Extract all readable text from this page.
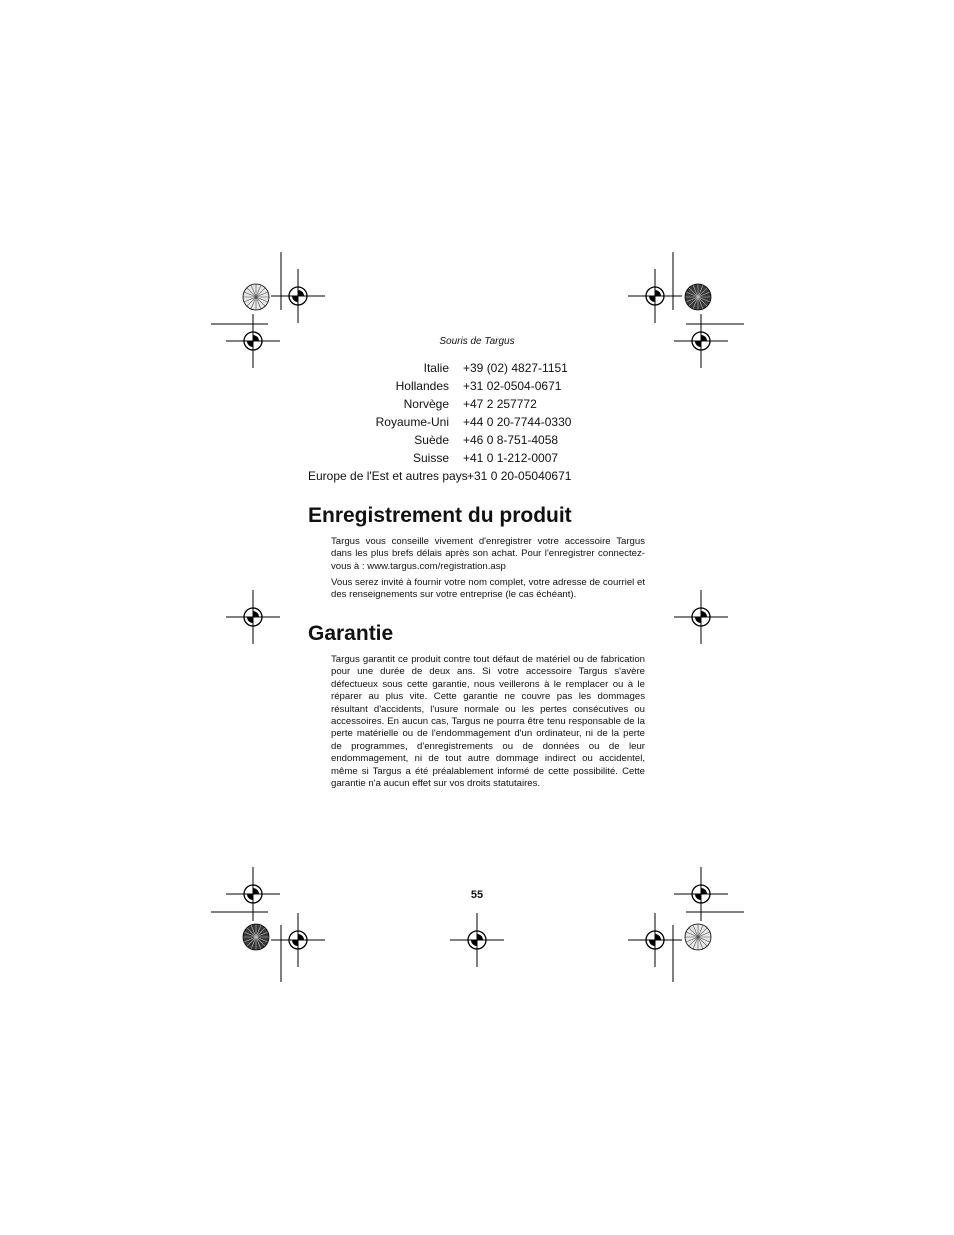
Souris de Targus
Italie +39 (02) 4827-1151
Hollandes +31 02-0504-0671
Norvège +47 2 257772
Royaume-Uni +44 0 20-7744-0330
Suède +46 0 8-751-4058
Suisse +41 0 1-212-0007
Europe de l'Est et autres pays +31 0 20-05040671
Enregistrement du produit

Targus vous conseille vivement d'enregistrer votre accessoire Targus dans les plus brefs délais après son achat. Pour l'enregistrer connectez-vous à : www.targus.com/registration.asp

Vous serez invité à fournir votre nom complet, votre adresse de courriel et des renseignements sur votre entreprise (le cas échéant).

Garantie

Targus garantit ce produit contre tout défaut de matériel ou de fabrication pour une durée de deux ans. Si votre accessoire Targus s'avère défectueux sous cette garantie, nous veillerons à le remplacer ou à le réparer au plus vite. Cette garantie ne couvre pas les dommages résultant d'accidents, l'usure normale ou les pertes consécutives ou accessoires. En aucun cas, Targus ne pourra être tenu responsable de la perte matérielle ou de l'endommagement d'un ordinateur, ni de la perte de programmes, d'enregistrements ou de données ou de leur endommagement, ni de tout autre dommage indirect ou accidentel, même si Targus a été préalablement informé de cette possibilité. Cette garantie n'a aucun effet sur vos droits statutaires.

55
